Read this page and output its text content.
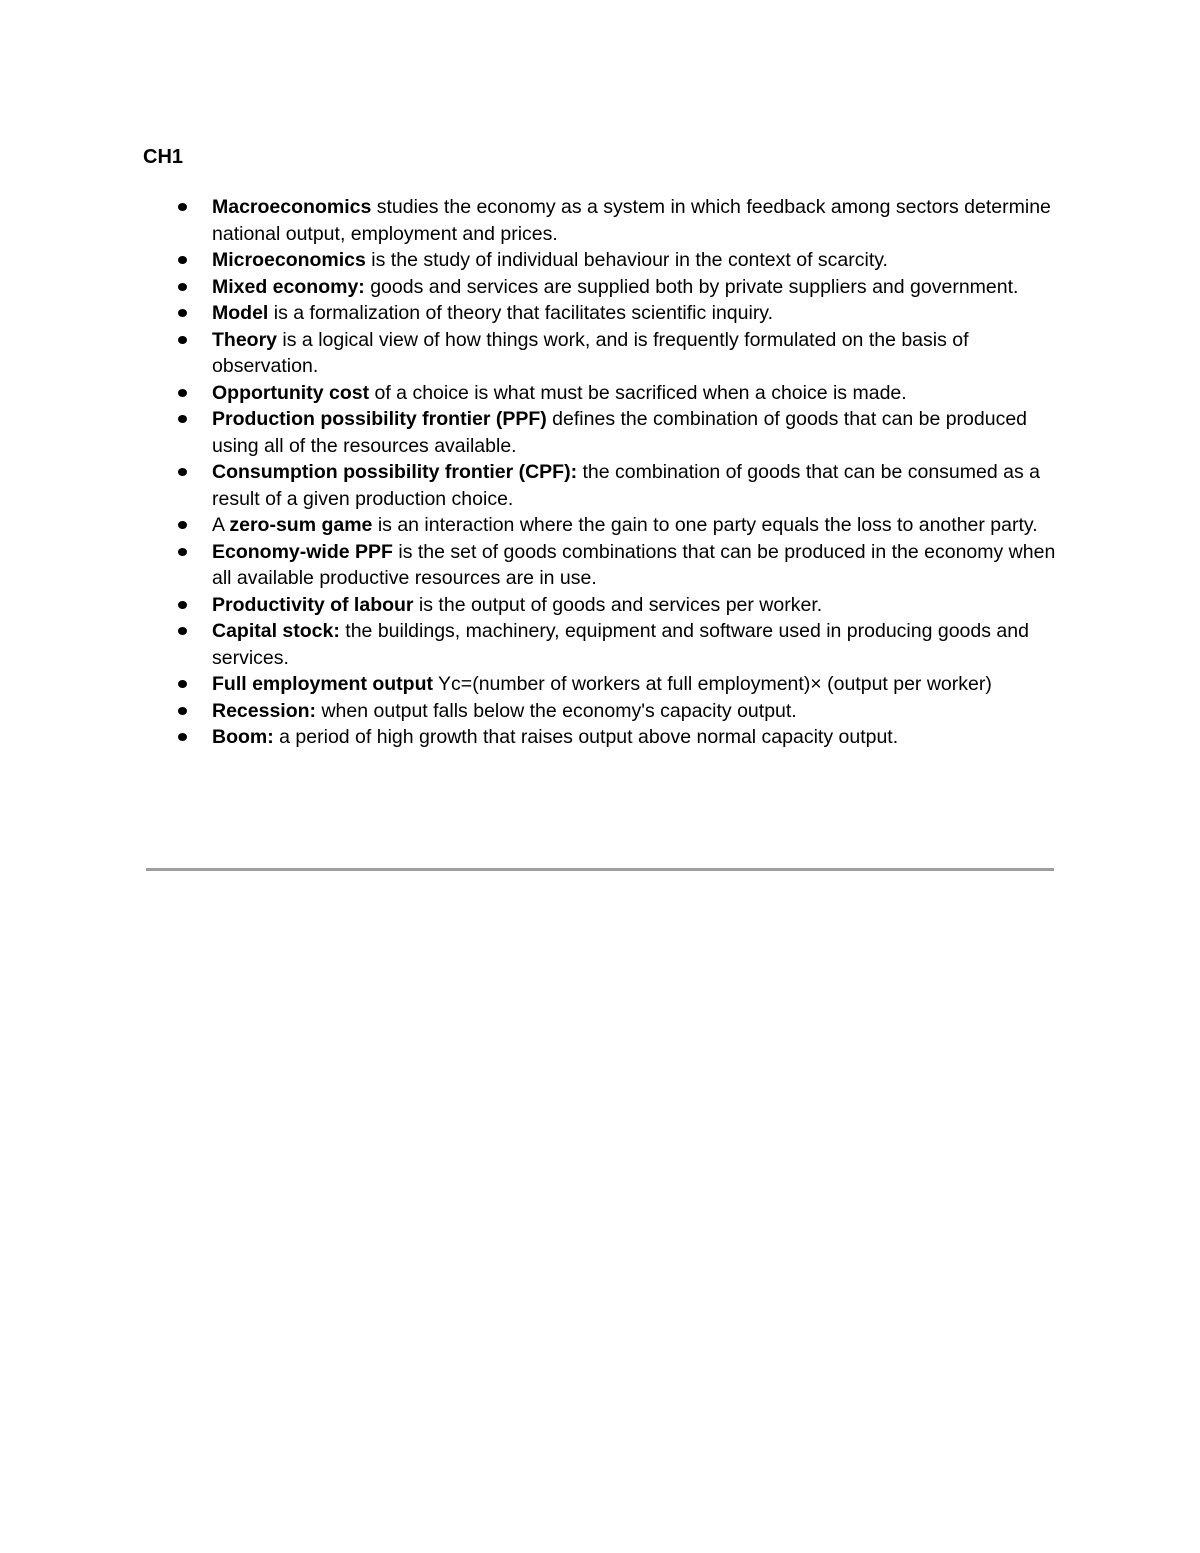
CH1
Macroeconomics studies the economy as a system in which feedback among sectors determine national output, employment and prices.
Microeconomics is the study of individual behaviour in the context of scarcity.
Mixed economy: goods and services are supplied both by private suppliers and government.
Model is a formalization of theory that facilitates scientific inquiry.
Theory is a logical view of how things work, and is frequently formulated on the basis of observation.
Opportunity cost of a choice is what must be sacrificed when a choice is made.
Production possibility frontier (PPF) defines the combination of goods that can be produced using all of the resources available.
Consumption possibility frontier (CPF): the combination of goods that can be consumed as a result of a given production choice.
A zero-sum game is an interaction where the gain to one party equals the loss to another party.
Economy-wide PPF is the set of goods combinations that can be produced in the economy when all available productive resources are in use.
Productivity of labour is the output of goods and services per worker.
Capital stock: the buildings, machinery, equipment and software used in producing goods and services.
Full employment output Yc=(number of workers at full employment)× (output per worker)
Recession: when output falls below the economy's capacity output.
Boom: a period of high growth that raises output above normal capacity output.
